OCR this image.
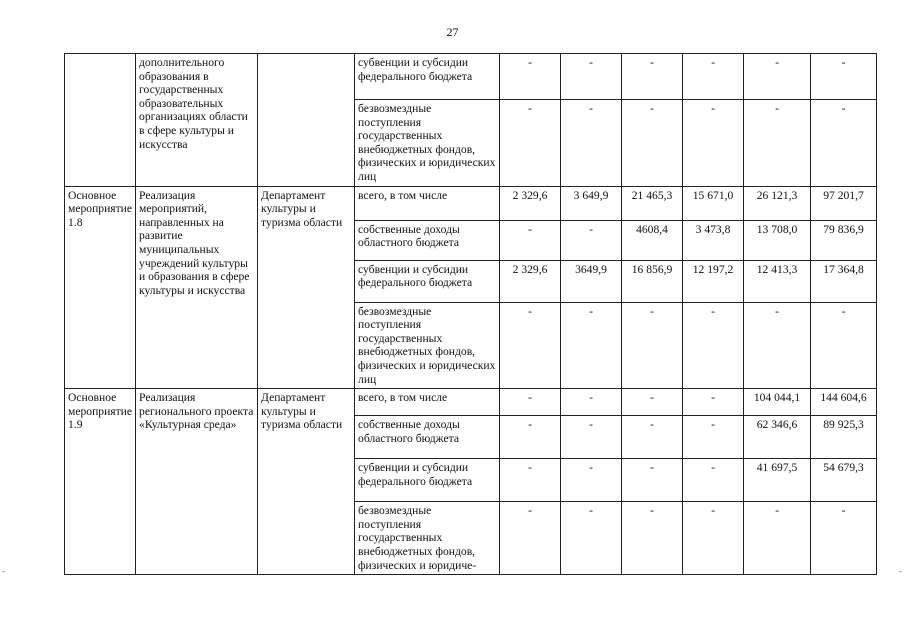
27
	дополнительного образования в государственных образовательных организациях области в сфере культуры и искусства		субвенции и субсидии федерального бюджета	-	-	-	-	-	-
			безвозмездные поступления государственных внебюджетных фондов, физических и юридических лиц	-	-	-	-	-	-
Основное мероприятие 1.8	Реализация мероприятий, направленных на развитие муниципальных учреждений культуры и образования в сфере культуры и искусства	Департамент культуры и туризма области	всего, в том числе	2 329,6	3 649,9	21 465,3	15 671,0	26 121,3	97 201,7
			собственные доходы областного бюджета	-	-	4608,4	3 473,8	13 708,0	79 836,9
			субвенции и субсидии федерального бюджета	2 329,6	3649,9	16 856,9	12 197,2	12 413,3	17 364,8
			безвозмездные поступления государственных внебюджетных фондов, физических и юридических лиц	-	-	-	-	-	-
Основное мероприятие 1.9	Реализация регионального проекта «Культурная среда»	Департамент культуры и туризма области	всего, в том числе	-	-	-	-	104 044,1	144 604,6
			собственные доходы областного бюджета	-	-	-	-	62 346,6	89 925,3
			субвенции и субсидии федерального бюджета	-	-	-	-	41 697,5	54 679,3
			безвозмездные поступления государственных внебюджетных фондов, физических и юридиче-	-	-	-	-	-	-
-	-
